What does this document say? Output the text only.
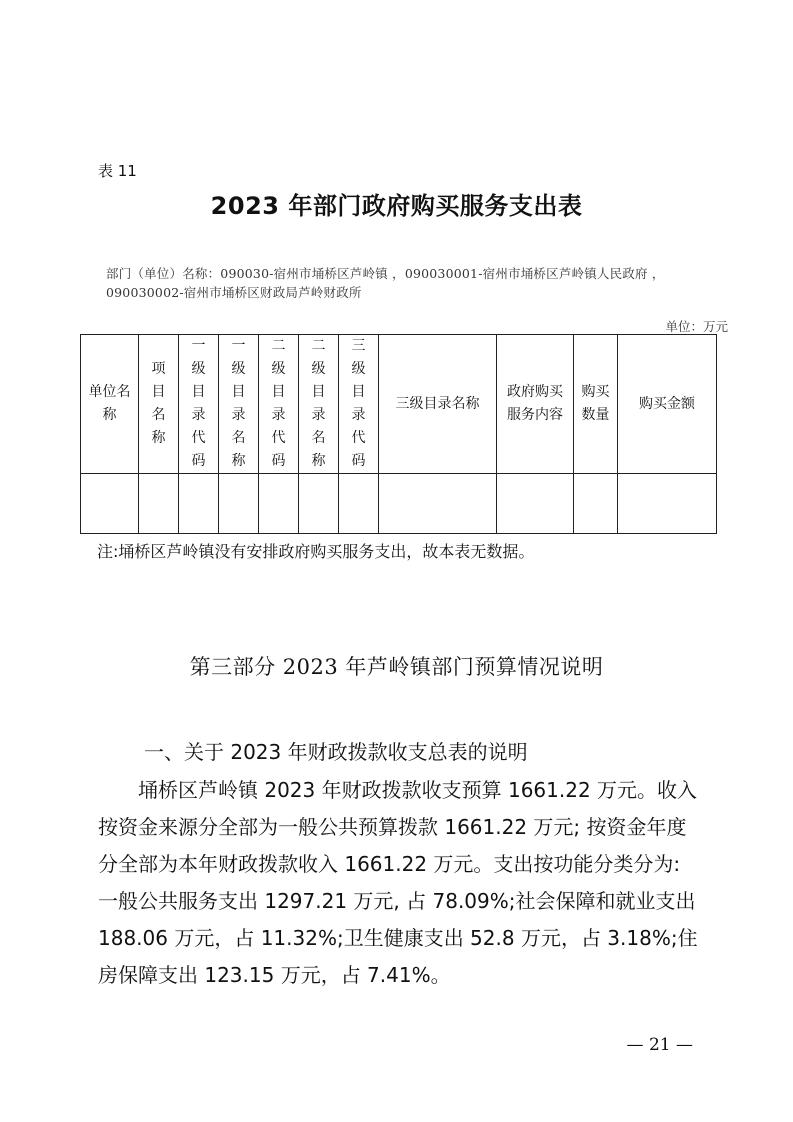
表 11
2023 年部门政府购买服务支出表
部门（单位）名称：090030-宿州市埇桥区芦岭镇 ，090030001-宿州市埇桥区芦岭镇人民政府 ，090030002-宿州市埇桥区财政局芦岭财政所
单位：万元
单位名称	项目名称	一级目录代码	一级目录名称	二级目录代码	二级目录名称	三级目录代码	三级目录名称	政府购买服务内容	购买数量	购买金额

注:埇桥区芦岭镇没有安排政府购买服务支出，故本表无数据。
第三部分 2023 年芦岭镇部门预算情况说明
一、关于 2023 年财政拨款收支总表的说明
埇桥区芦岭镇 2023 年财政拨款收支预算 1661.22 万元。收入按资金来源分全部为一般公共预算拨款 1661.22 万元; 按资金年度分全部为本年财政拨款收入 1661.22 万元。支出按功能分类分为:一般公共服务支出 1297.21 万元, 占 78.09%;社会保障和就业支出 188.06 万元，占 11.32%;卫生健康支出 52.8 万元，占 3.18%;住房保障支出 123.15 万元，占 7.41%。
— 21 —
